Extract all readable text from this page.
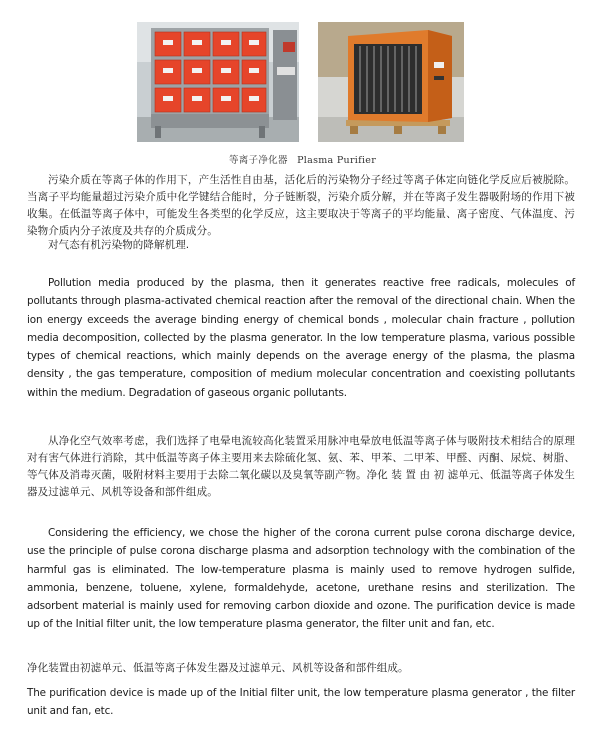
等离子净化器 Plasma Purifier

污染介质在等离子体的作用下，产生活性自由基，活化后的污染物分子经过等离子体定向链化学反应后被脱除。当离子平均能量超过污染介质中化学键结合能时，分子链断裂，污染介质分解，并在等离子发生器吸附场的作用下被收集。在低温等离子体中，可能发生各类型的化学反应，这主要取决于等离子的平均能量、离子密度、气体温度、污染物介质内分子浓度及共存的介质成分。

对气态有机污染物的降解机理.

Pollution media produced by the plasma, then it generates reactive free radicals, molecules of pollutants through plasma-activated chemical reaction after the removal of the directional chain. When the ion energy exceeds the average binding energy of chemical bonds , molecular chain fracture , pollution media decomposition, collected by the plasma generator. In the low temperature plasma, various possible types of chemical reactions, which mainly depends on the average energy of the plasma, the plasma density , the gas temperature, composition of medium molecular concentration and coexisting pollutants within the medium. Degradation of gaseous organic pollutants.

从净化空气效率考虑，我们选择了电晕电流较高化装置采用脉冲电晕放电低温等离子体与吸附技术相结合的原理对有害气体进行消除，其中低温等离子体主要用来去除硫化氢、氨、苯、甲苯、二甲苯、甲醛、丙酮、尿烷、树脂、等气体及消毒灭菌，吸附材料主要用于去除二氧化碳以及臭氧等副产物。净化 装 置 由 初 滤单元、低温等离子体发生器及过滤单元、风机等设备和部件组成。

Considering the efficiency, we chose the higher of the corona current pulse corona discharge device, use the principle of pulse corona discharge plasma and adsorption technology with the combination of the harmful gas is eliminated. The low-temperature plasma is mainly used to remove hydrogen sulfide, ammonia, benzene, toluene, xylene, formaldehyde, acetone, urethane resins and sterilization. The adsorbent material is mainly used for removing carbon dioxide and ozone. The purification device is made up of the Initial filter unit, the low temperature plasma generator, the filter unit and fan, etc.

净化装置由初滤单元、低温等离子体发生器及过滤单元、风机等设备和部件组成。

The purification device is made up of the Initial filter unit, the low temperature plasma generator , the filter unit and fan, etc.
